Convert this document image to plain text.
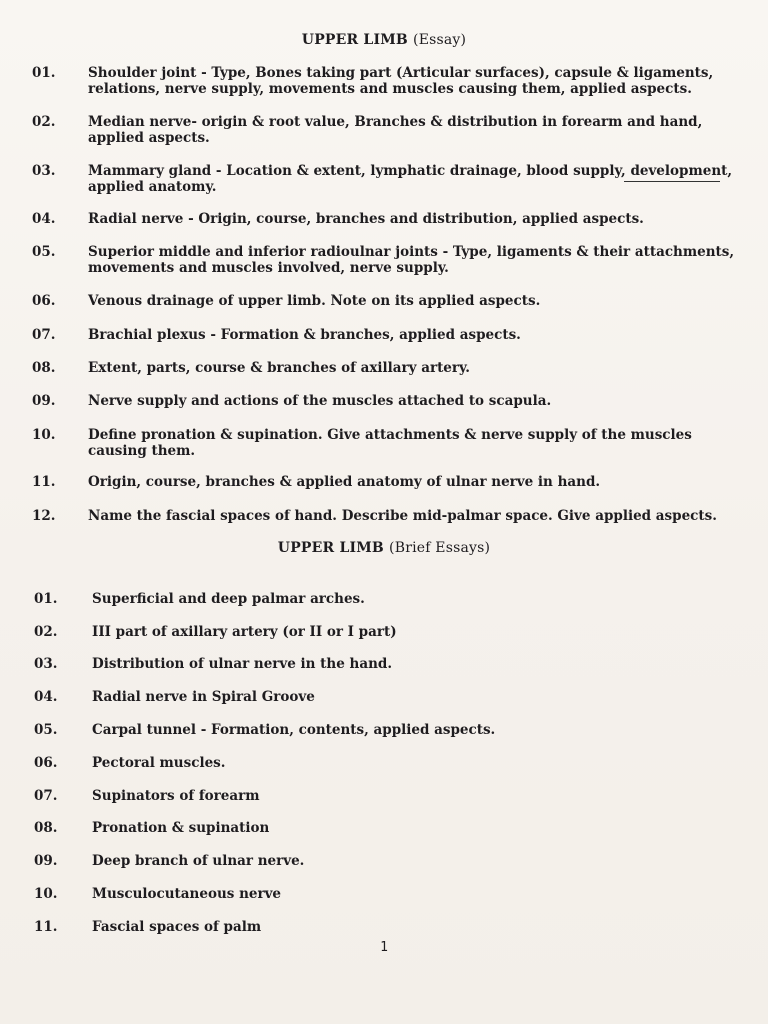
UPPER LIMB (Essay)
01.	Shoulder joint - Type, Bones taking part (Articular surfaces), capsule & ligaments, relations, nerve supply, movements and muscles causing them, applied aspects.
02.	Median nerve- origin & root value, Branches & distribution in forearm and hand, applied aspects.
03.	Mammary gland - Location & extent, lymphatic drainage, blood supply, development, applied anatomy.
04.	Radial nerve - Origin, course, branches and distribution, applied aspects.
05.	Superior middle and inferior radioulnar joints - Type, ligaments & their attachments, movements and muscles involved, nerve supply.
06.	Venous drainage of upper limb. Note on its applied aspects.
07.	Brachial plexus - Formation & branches, applied aspects.
08.	Extent, parts, course & branches of axillary artery.
09.	Nerve supply and actions of the muscles attached to scapula.
10.	Define pronation & supination. Give attachments & nerve supply of the muscles causing them.
11.	Origin, course, branches & applied anatomy of ulnar nerve in hand.
12.	Name the fascial spaces of hand. Describe mid-palmar space. Give applied aspects.
UPPER LIMB (Brief Essays)
01.	Superficial and deep palmar arches.
02.	III part of axillary artery (or II or I part)
03.	Distribution of ulnar nerve in the hand.
04.	Radial nerve in Spiral Groove
05.	Carpal tunnel - Formation, contents, applied aspects.
06.	Pectoral muscles.
07.	Supinators of forearm
08.	Pronation & supination
09.	Deep branch of ulnar nerve.
10.	Musculocutaneous nerve
11.	Fascial spaces of palm
1
